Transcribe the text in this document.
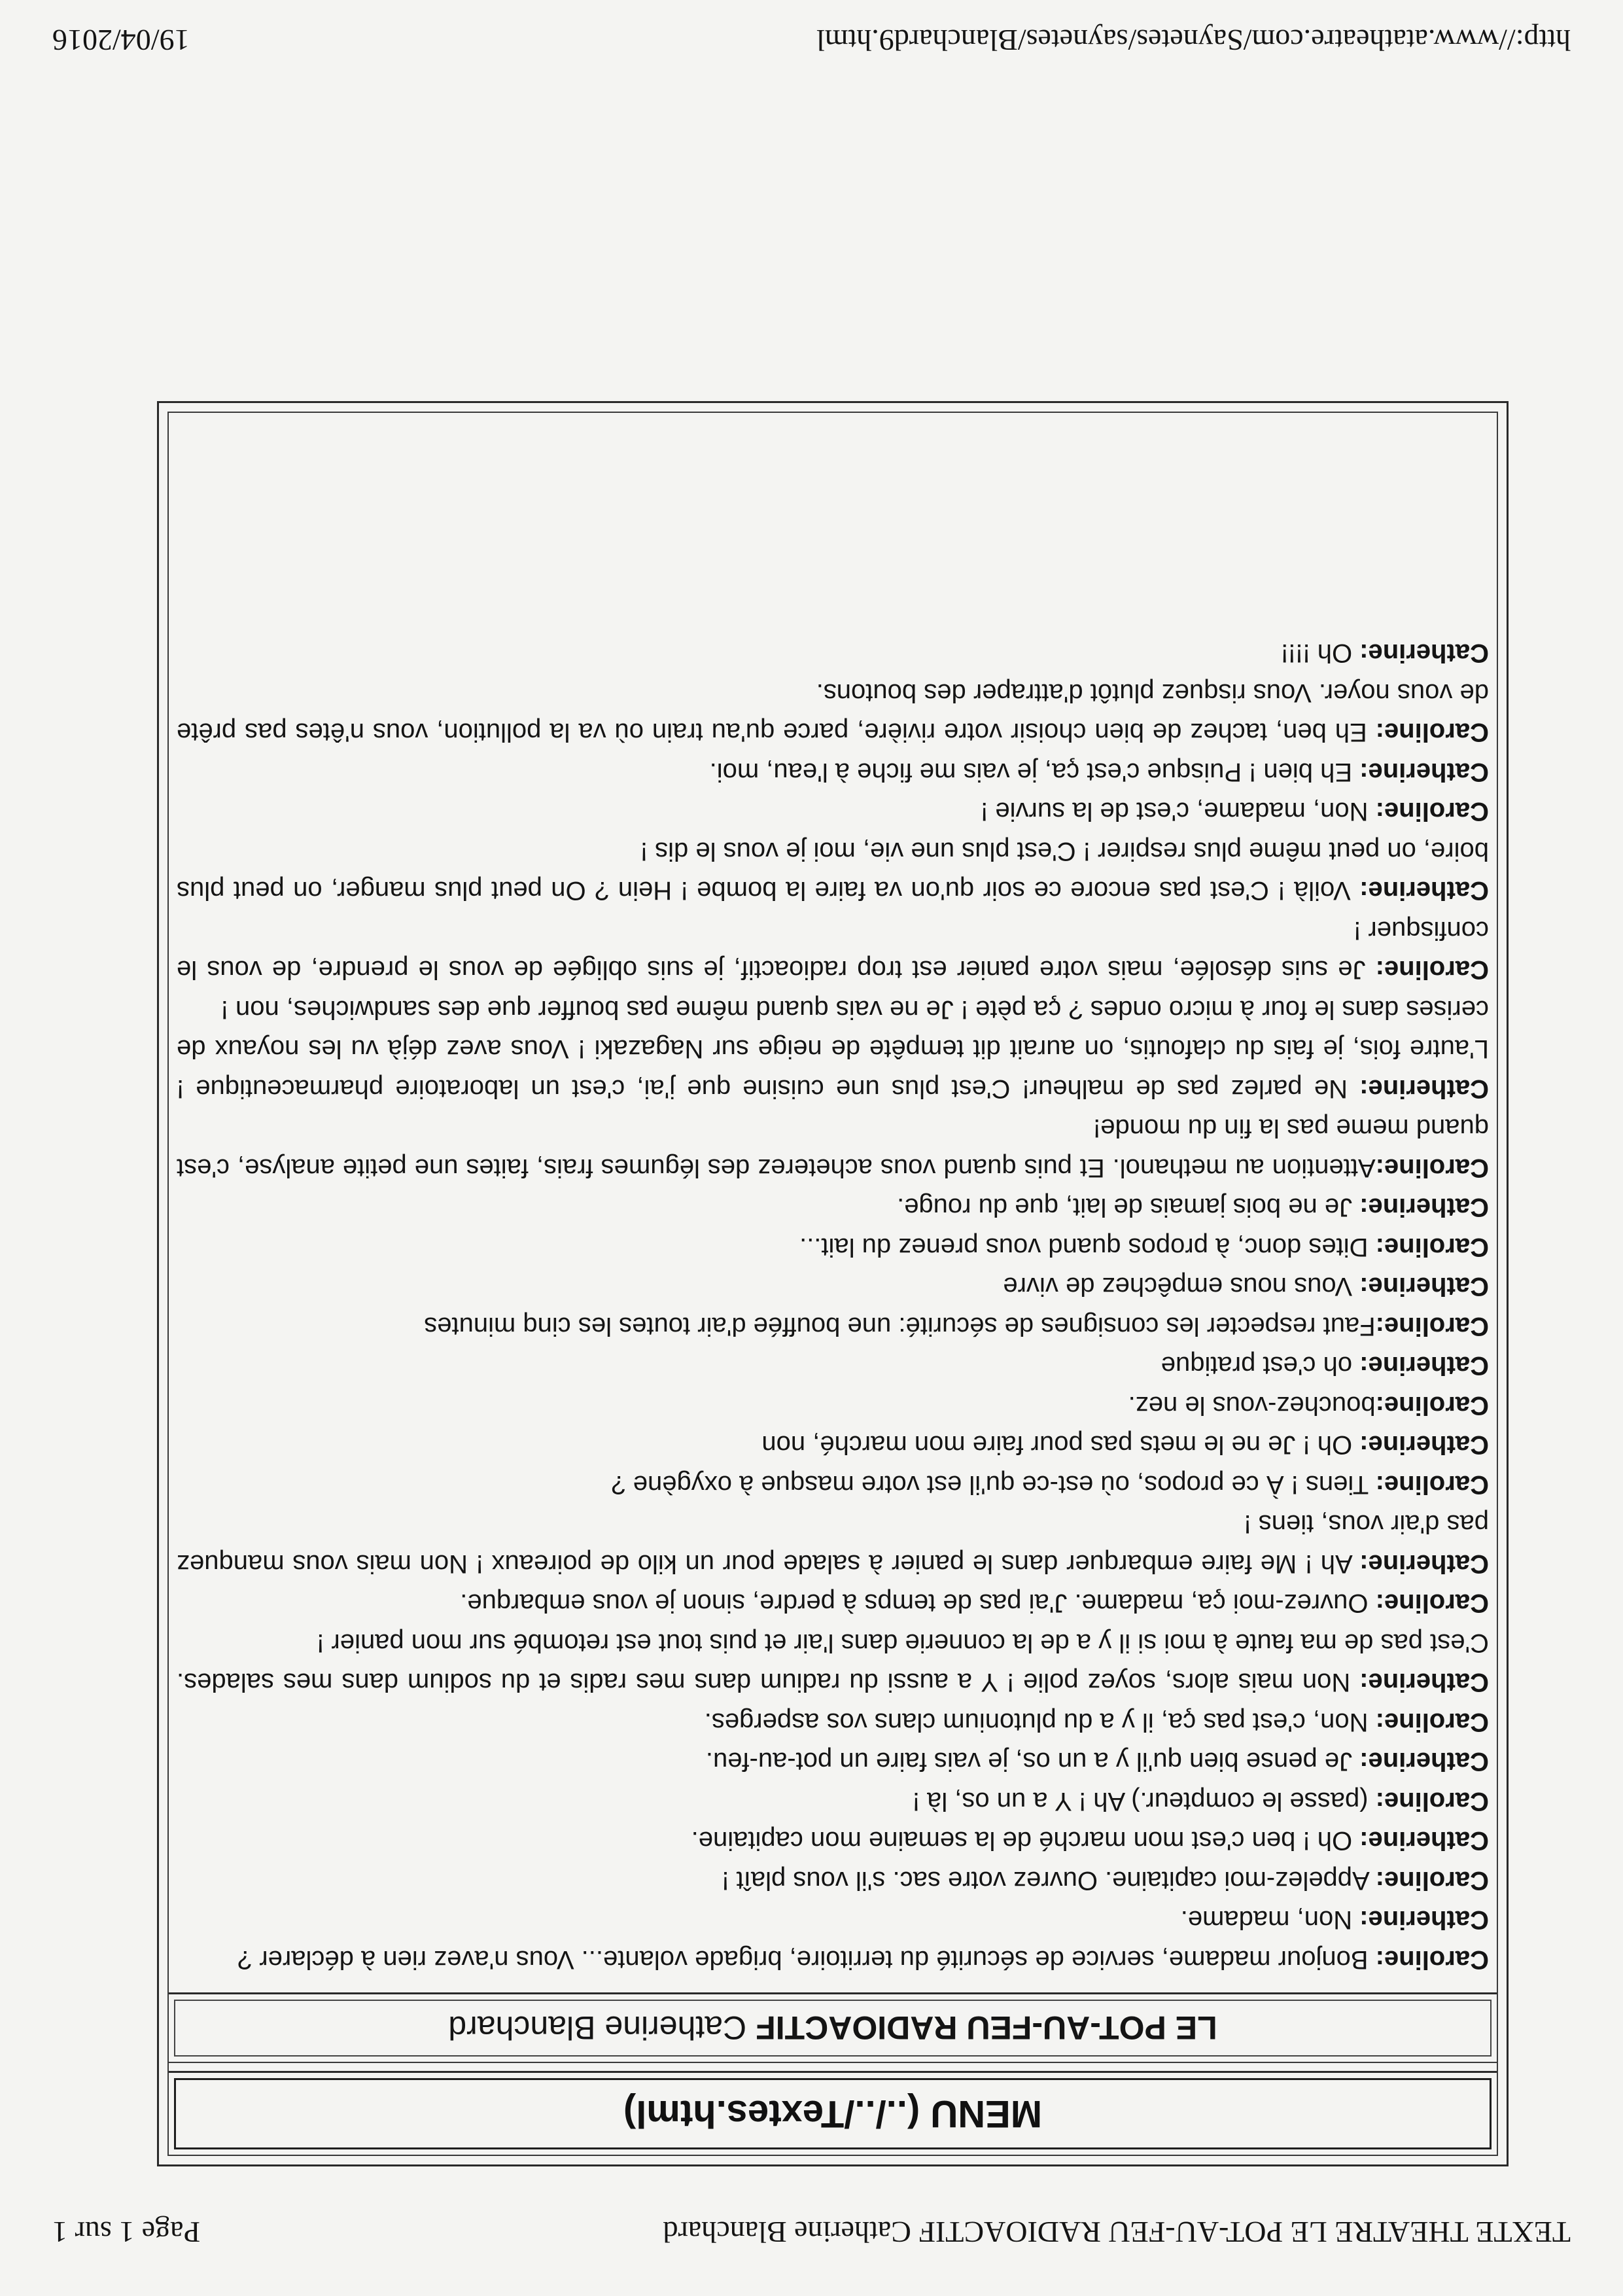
TEXTE THEATRE LE POT-AU-FEU RADIOACTIF Catherine Blanchard
Page 1 sur 1
MENU (../../Textes.html)
LE POT-AU-FEU RADIOACTIF
Catherine Blanchard

Caroline: Bonjour madame, service de sécurité du territoire, brigade volante... Vous n'avez rien à déclarer ?

Catherine: Non, madame.

Caroline: Appelez-moi capitaine. Ouvrez votre sac. s'il vous plaît !

Catherine: Oh ! ben c'est mon marché de la semaine mon capitaine.

Caroline: (passe le compteur.) Ah ! Y a un os, là !

Catherine: Je pense bien qu'il y a un os, je vais faire un pot-au-feu.

Caroline: Non, c'est pas ça, il y a du plutonium clans vos asperges.

Catherine: Non mais alors, soyez polie ! Y a aussi du radium dans mes radis et du sodium dans mes salades. C'est pas de ma faute à moi si il y a de la connerie dans l'air et puis tout est retombé sur mon panier !

Caroline: Ouvrez-moi ça, madame. J'ai pas de temps à perdre, sinon je vous embarque.

Catherine: Ah ! Me faire embarquer dans le panier à salade pour un kilo de poireaux ! Non mais vous manquez pas d'air vous, tiens !

Caroline: Tiens ! À ce propos, où est-ce qu'il est votre masque à oxygène ?

Catherine: Oh ! Je ne le mets pas pour faire mon marché, non

Caroline:bouchez-vous le nez.

Catherine: oh c'est pratique

Caroline:Faut respecter les consignes de sécurité: une bouffée d'air toutes les cinq minutes

Catherine: Vous nous empêchez de vivre

Caroline: Dites donc, à propos quand vous prenez du lait...

Catherine: Je ne bois jamais de lait, que du rouge.

Caroline:Attention au methanol. Et puis quand vous acheterez des légumes frais, faites une petite analyse, c'est quand meme pas la fin du monde!

Catherine: Ne parlez pas de malheur! C'est plus une cuisine que j'ai, c'est un laboratoire pharmaceutique ! L'autre fois, je fais du clafoutis, on aurait dit tempête de neige sur Nagazaki ! Vous avez déjà vu les noyaux de cerises dans le four à micro ondes ? ça pète ! Je ne vais quand même pas bouffer que des sandwiches, non !

Caroline: Je suis désolée, mais votre panier est trop radioactif, je suis obligée de vous le prendre, de vous le confisquer !

Catherine: Voilà ! C'est pas encore ce soir qu'on va faire la bombe ! Hein ? On peut plus manger, on peut plus boire, on peut même plus respirer ! C'est plus une vie, moi je vous le dis !

Caroline: Non, madame, c'est de la survie !

Catherine: Eh bien ! Puisque c'est ça, je vais me fiche à l'eau, moi.

Caroline: Eh ben, tachez de bien choisir votre rivière, parce qu'au train où va la pollution, vous n'êtes pas prête de vous noyer. Vous risquez plutôt d'attraper des boutons.

Catherine: Oh !!!!

http://www.atatheatre.com/Saynetes/saynetes/Blanchard9.html
19/04/2016
